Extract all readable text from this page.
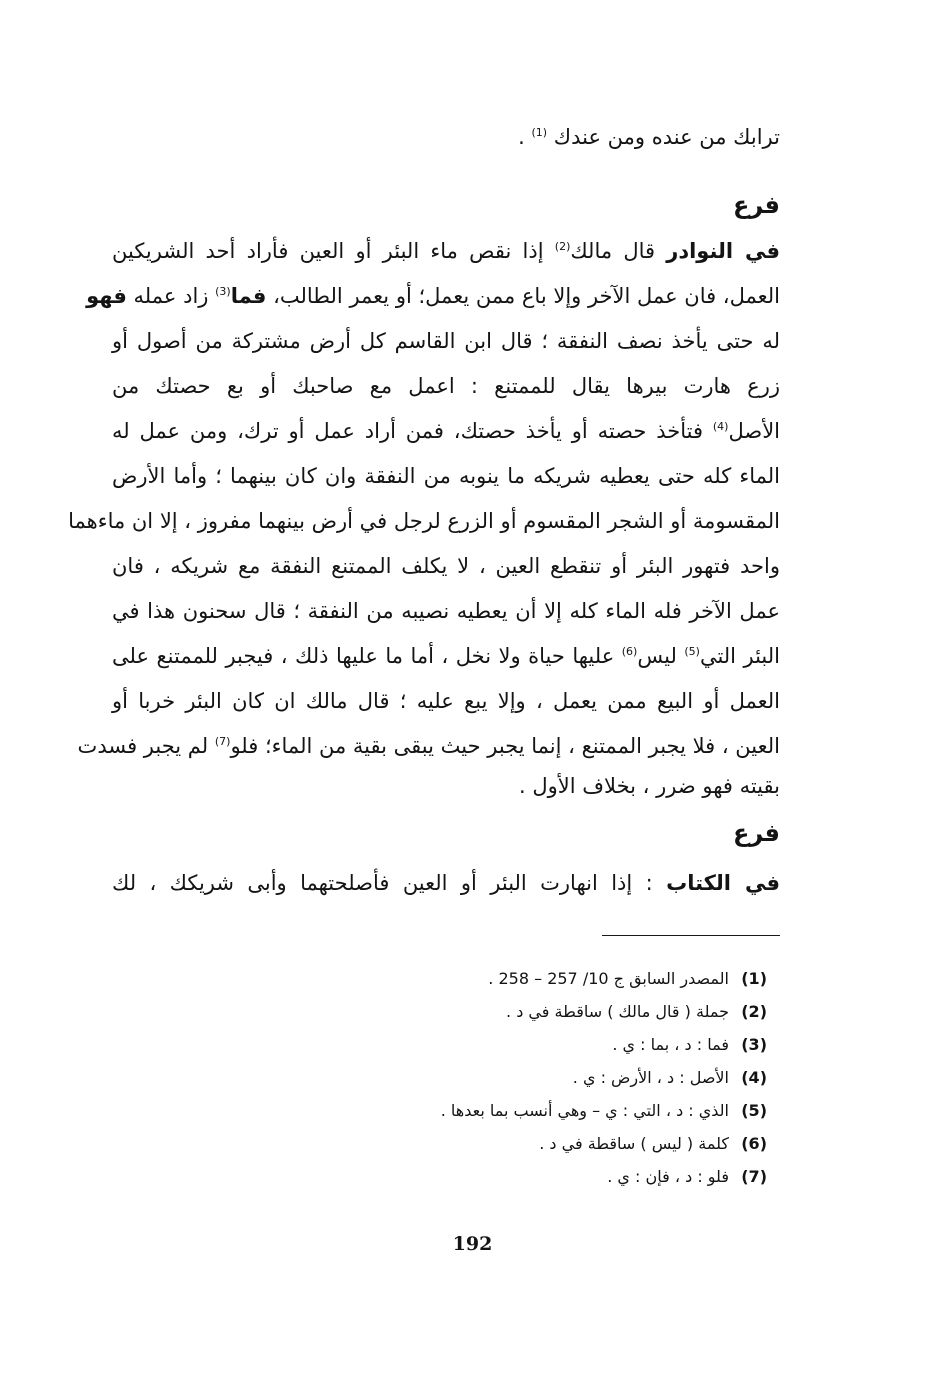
ترابك من عنده ومن عندك $^{(1)}$ .
فرع
في النوادر قال مالك$^{(2)}$ إذا نقص ماء البئر أو العين فأراد أحد الشريكين
العمل، فان عمل الآخر وإلا باع ممن يعمل؛ أو يعمر الطالب، فما$^{(3)}$ زاد عمله فهو
له حتى يأخذ نصف النفقة ؛ قال ابن القاسم كل أرض مشتركة من أصول أو
زرع هارت بيرها يقال للممتنع : اعمل مع صاحبك أو بع حصتك من
الأصل$^{(4)}$ فتأخذ حصته أو يأخذ حصتك، فمن أراد عمل أو ترك، ومن عمل له
الماء كله حتى يعطيه شريكه ما ينوبه من النفقة وان كان بينهما ؛ وأما الأرض
المقسومة أو الشجر المقسوم أو الزرع لرجل في أرض بينهما مفروز ، إلا ان ماءهما
واحد فتهور البئر أو تنقطع العين ، لا يكلف الممتنع النفقة مع شريكه ، فان
عمل الآخر فله الماء كله إلا أن يعطيه نصيبه من النفقة ؛ قال سحنون هذا في
البئر التي$^{(5)}$ ليس$^{(6)}$ عليها حياة ولا نخل ، أما ما عليها ذلك ، فيجبر للممتنع على
العمل أو البيع ممن يعمل ، وإلا يبع عليه ؛ قال مالك ان كان البئر خربا أو
العين ، فلا يجبر الممتنع ، إنما يجبر حيث يبقى بقية من الماء؛ فلو$^{(7)}$ لم يجبر فسدت
بقيته فهو ضرر ، بخلاف الأول .
فرع
في الكتاب : إذا انهارت البئر أو العين فأصلحتهما وأبى شريكك ، لك
(1)المصدر السابق ج 10/ 257 – 258 .
(2)جملة ( قال مالك ) ساقطة في د .
(3)فما : د ، بما : ي .
(4)الأصل : د ، الأرض : ي .
(5)الذي : د ، التي : ي – وهي أنسب بما بعدها .
(6)كلمة ( ليس ) ساقطة في د .
(7)فلو : د ، فإن : ي .
192
